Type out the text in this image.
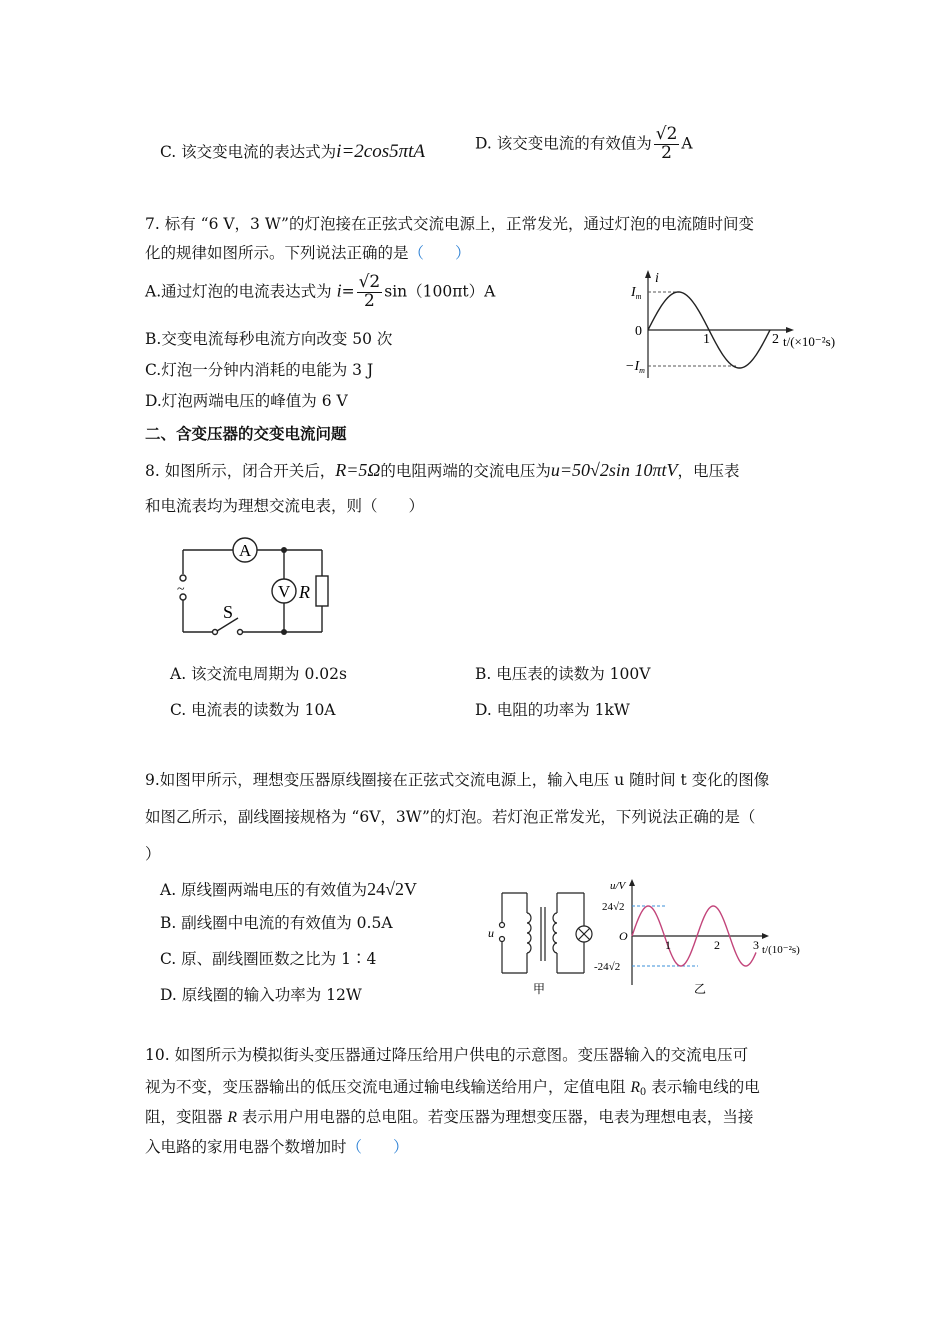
C. 该交变电流的表达式为i=2cos5πtA	D. 该交变电流的有效值为 $\frac{√2}{2}$ A
7. 标有 “6 V，3 W”的灯泡接在正弦式交流电源上，正常发光，通过灯泡的电流随时间变
化的规律如图所示。下列说法正确的是（　　）
A.通过灯泡的电流表达式为 $i= \frac{√2}{2} \sin(100\pi t)A$
B.交变电流每秒电流方向改变 50 次
C.灯泡一分钟内消耗的电能为 3 J
D.灯泡两端电压的峰值为 6 V
i
$I_m$
0
$-I_m$
1	2 t/(×10⁻²s)
二、含变压器的交变电流问题
8. 如图所示，闭合开关后，R=5Ω的电阻两端的交流电压为u=50√2sin 10πtV，电压表
和电流表均为理想交流电表，则（　　）
A
V R
S
~
A. 该交流电周期为 0.02s	B. 电压表的读数为 100V
C. 电流表的读数为 10A	D. 电阻的功率为 1kW
9.如图甲所示，理想变压器原线圈接在正弦式交流电源上，输入电压 u 随时间 t 变化的图像
如图乙所示，副线圈接规格为 “6V，3W”的灯泡。若灯泡正常发光，下列说法正确的是（
）
A. 原线圈两端电压的有效值为24√2V
B. 副线圈中电流的有效值为 0.5A
C. 原、副线圈匝数之比为 1∶4
D. 原线圈的输入功率为 12W
u
甲
u/V
24√2
O
-24√2
1	2	3 t/(10⁻²s)
乙
10. 如图所示为模拟街头变压器通过降压给用户供电的示意图。变压器输入的交流电压可
视为不变，变压器输出的低压交流电通过输电线输送给用户，定值电阻 R0 表示输电线的电
阻，变阻器 R 表示用户用电器的总电阻。若变压器为理想变压器，电表为理想电表，当接
入电路的家用电器个数增加时（　　）
